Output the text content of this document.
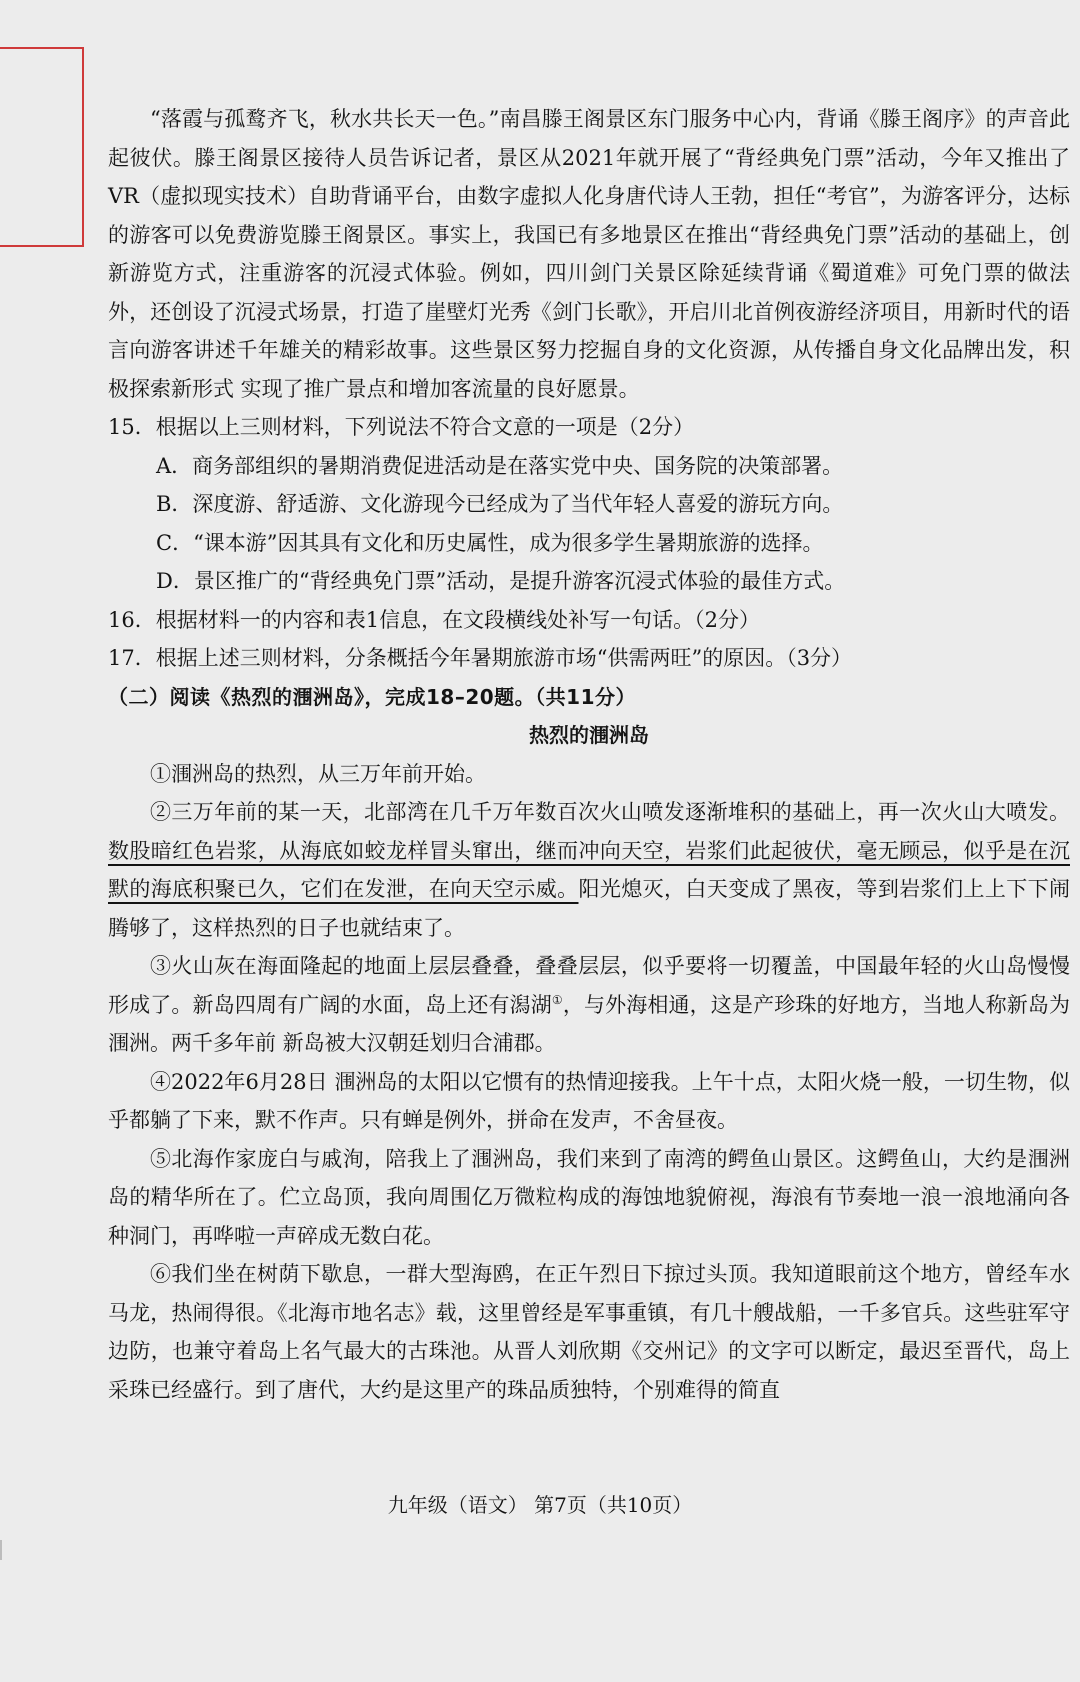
“落霞与孤鹜齐飞，秋水共长天一色。”南昌滕王阁景区东门服务中心内，背诵《滕王阁序》的声音此起彼伏。滕王阁景区接待人员告诉记者，景区从2021年就开展了“背经典免门票”活动，今年又推出了VR（虚拟现实技术）自助背诵平台，由数字虚拟人化身唐代诗人王勃，担任“考官”，为游客评分，达标的游客可以免费游览滕王阁景区。事实上，我国已有多地景区在推出“背经典免门票”活动的基础上，创新游览方式，注重游客的沉浸式体验。例如，四川剑门关景区除延续背诵《蜀道难》可免门票的做法外，还创设了沉浸式场景，打造了崖壁灯光秀《剑门长歌》，开启川北首例夜游经济项目，用新时代的语言向游客讲述千年雄关的精彩故事。这些景区努力挖掘自身的文化资源，从传播自身文化品牌出发，积极探索新形式 实现了推广景点和增加客流量的良好愿景。

15．根据以上三则材料，下列说法不符合文意的一项是（2分）

A．商务部组织的暑期消费促进活动是在落实党中央、国务院的决策部署。

B．深度游、舒适游、文化游现今已经成为了当代年轻人喜爱的游玩方向。

C．“课本游”因其具有文化和历史属性，成为很多学生暑期旅游的选择。

D．景区推广的“背经典免门票”活动，是提升游客沉浸式体验的最佳方式。

16．根据材料一的内容和表1信息，在文段横线处补写一句话。（2分）

17．根据上述三则材料，分条概括今年暑期旅游市场“供需两旺”的原因。（3分）

（二）阅读《热烈的涠洲岛》，完成18–20题。（共11分）

热烈的涠洲岛

①涠洲岛的热烈，从三万年前开始。

②三万年前的某一天，北部湾在几千万年数百次火山喷发逐渐堆积的基础上，再一次火山大喷发。数股暗红色岩浆，从海底如蛟龙样冒头窜出，继而冲向天空，岩浆们此起彼伏，毫无顾忌，似乎是在沉默的海底积聚已久，它们在发泄，在向天空示威。阳光熄灭，白天变成了黑夜，等到岩浆们上上下下闹腾够了，这样热烈的日子也就结束了。

③火山灰在海面隆起的地面上层层叠叠，叠叠层层，似乎要将一切覆盖，中国最年轻的火山岛慢慢形成了。新岛四周有广阔的水面，岛上还有潟湖①，与外海相通，这是产珍珠的好地方，当地人称新岛为涠洲。两千多年前 新岛被大汉朝廷划归合浦郡。

④2022年6月28日 涠洲岛的太阳以它惯有的热情迎接我。上午十点，太阳火烧一般，一切生物，似乎都躺了下来，默不作声。只有蝉是例外，拼命在发声，不舍昼夜。

⑤北海作家庞白与戚洵，陪我上了涠洲岛，我们来到了南湾的鳄鱼山景区。这鳄鱼山，大约是涠洲岛的精华所在了。伫立岛顶，我向周围亿万微粒构成的海蚀地貌俯视，海浪有节奏地一浪一浪地涌向各种洞门，再哗啦一声碎成无数白花。

⑥我们坐在树荫下歇息，一群大型海鸥，在正午烈日下掠过头顶。我知道眼前这个地方，曾经车水马龙，热闹得很。《北海市地名志》载，这里曾经是军事重镇，有几十艘战船，一千多官兵。这些驻军守边防，也兼守着岛上名气最大的古珠池。从晋人刘欣期《交州记》的文字可以断定，最迟至晋代，岛上采珠已经盛行。到了唐代，大约是这里产的珠品质独特，个别难得的简直

九年级（语文） 第7页（共10页）
